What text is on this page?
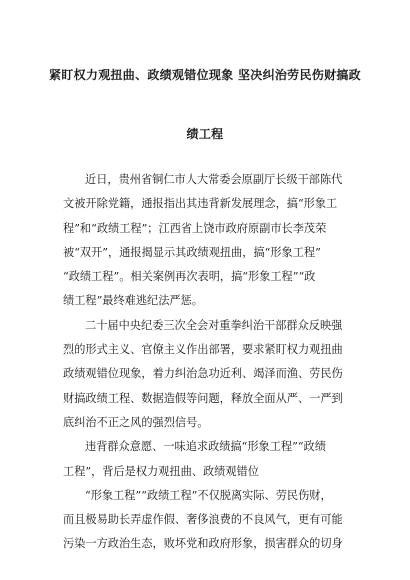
紧盯权力观扭曲、政绩观错位现象 坚决纠治劳民伤财搞政
绩工程
近日，贵州省铜仁市人大常委会原副厅长级干部陈代
文被开除党籍，通报指出其违背新发展理念，搞“形象工
程”和“政绩工程”；江西省上饶市政府原副市长李茂荣
被“双开”，通报揭显示其政绩观扭曲，搞“形象工程”
“政绩工程”。相关案例再次表明，搞“形象工程”“政
绩工程”最终难逃纪法严惩。
二十届中央纪委三次全会对重拳纠治干部群众反映强
烈的形式主义、官僚主义作出部署，要求紧盯权力观扭曲
政绩观错位现象，着力纠治急功近利、竭泽而渔、劳民伤
财搞政绩工程、数据造假等问题，释放全面从严、一严到
底纠治不正之风的强烈信号。
违背群众意愿、一味追求政绩搞“形象工程”“政绩
工程”，背后是权力观扭曲、政绩观错位
“形象工程”“政绩工程”不仅脱离实际、劳民伤财，
而且极易助长弄虚作假、奢侈浪费的不良风气，更有可能
污染一方政治生态，败坏党和政府形象，损害群众的切身
